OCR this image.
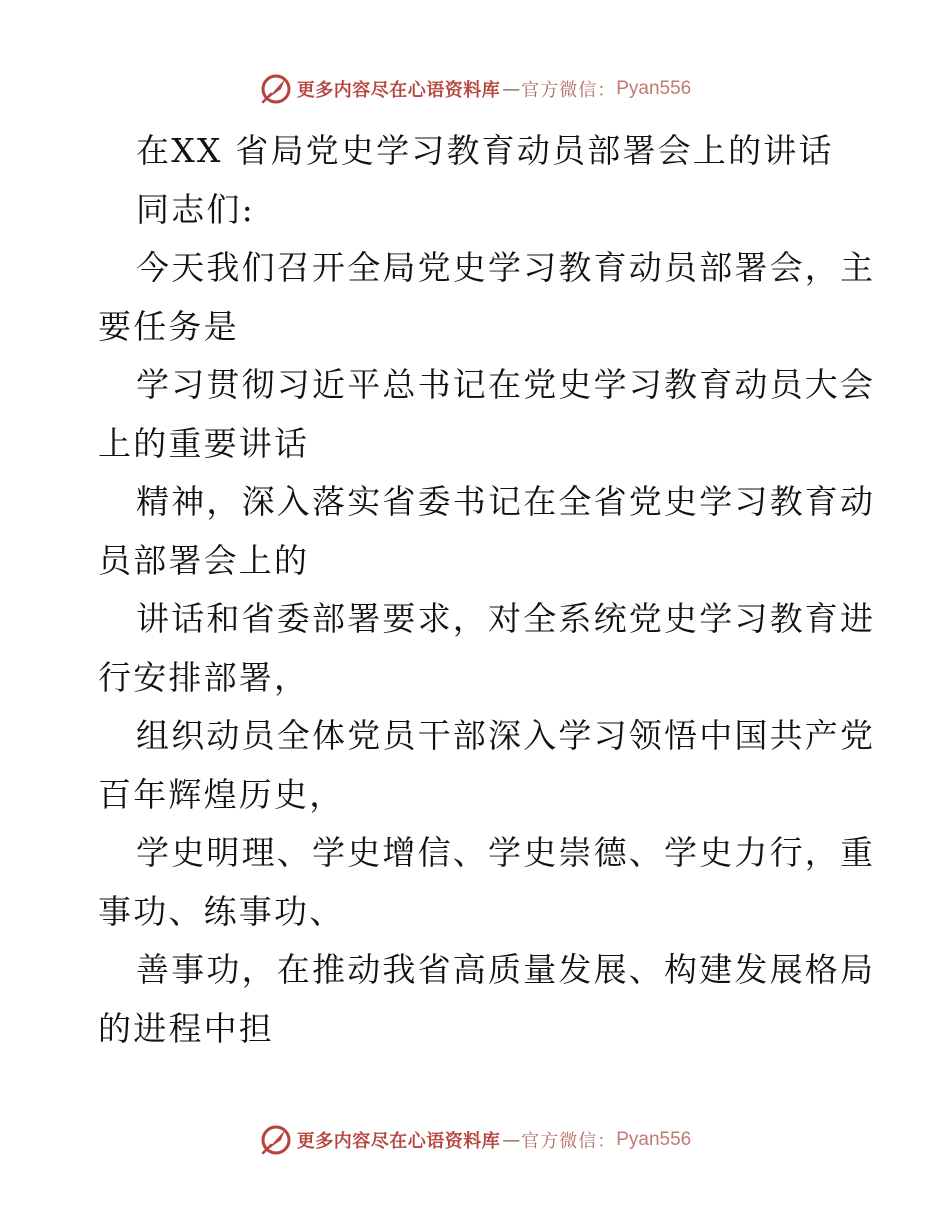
更多内容尽在心语资料库 — 官方微信： Pyan556
在XX 省局党史学习教育动员部署会上的讲话
同志们:
今天我们召开全局党史学习教育动员部署会，主
要任务是
学习贯彻习近平总书记在党史学习教育动员大会
上的重要讲话
精神，深入落实省委书记在全省党史学习教育动
员部署会上的
讲话和省委部署要求，对全系统党史学习教育进
行安排部署，
组织动员全体党员干部深入学习领悟中国共产党
百年辉煌历史，
学史明理、学史增信、学史崇德、学史力行，重
事功、练事功、
善事功，在推动我省高质量发展、构建发展格局
的进程中担
更多内容尽在心语资料库 — 官方微信： Pyan556
